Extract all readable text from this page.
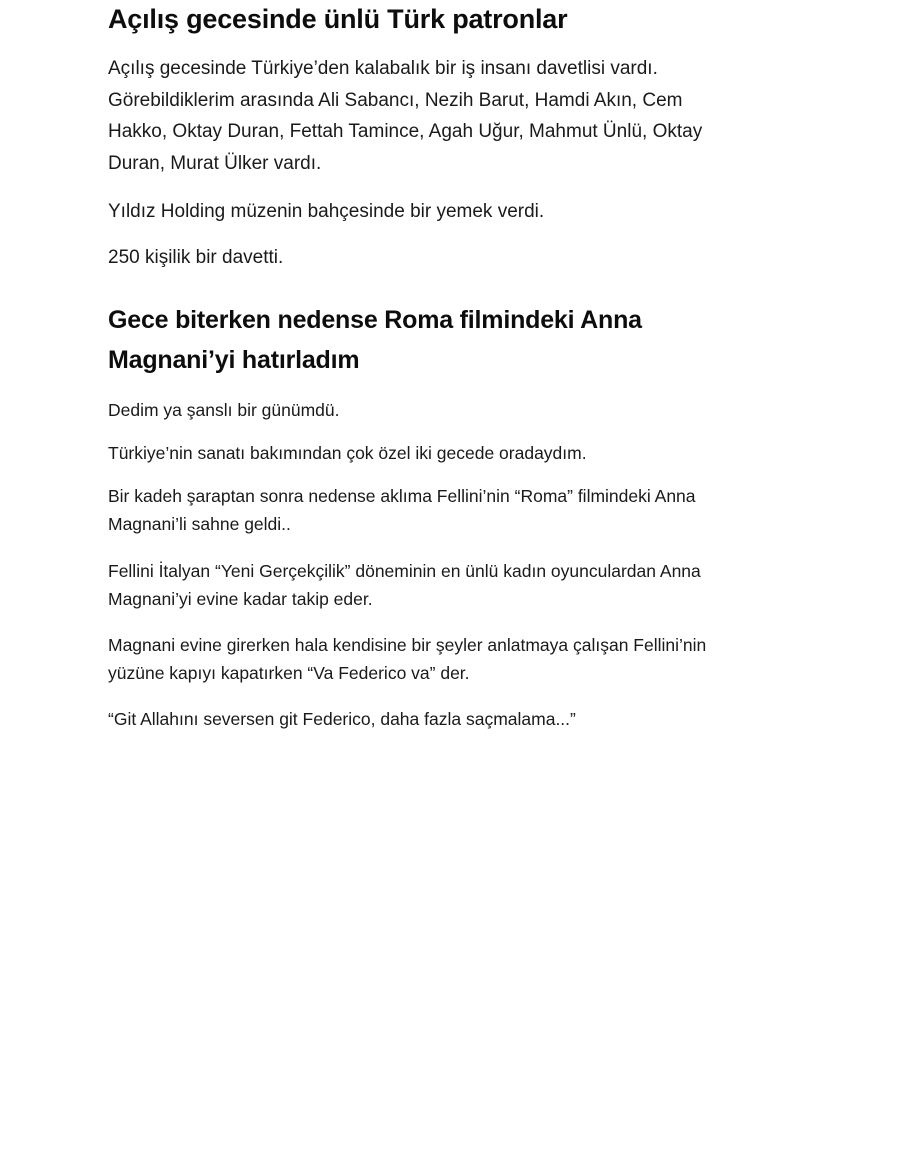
Açılış gecesinde ünlü Türk patronlar

Açılış gecesinde Türkiye’den kalabalık bir iş insanı davetlisi vardı. Görebildiklerim arasında Ali Sabancı, Nezih Barut, Hamdi Akın, Cem Hakko, Oktay Duran, Fettah Tamince, Agah Uğur, Mahmut Ünlü, Oktay Duran, Murat Ülker vardı.

Yıldız Holding müzenin bahçesinde bir yemek verdi.

250 kişilik bir davetti.

Gece biterken nedense Roma filmindeki Anna Magnani’yi hatırladım

Dedim ya şanslı bir günümdü.

Türkiye’nin sanatı bakımından çok özel iki gecede oradaydım.

Bir kadeh şaraptan sonra nedense aklıma Fellini’nin “Roma” filmindeki Anna Magnani’li sahne geldi..

Fellini İtalyan “Yeni Gerçekçilik” döneminin en ünlü kadın oyunculardan Anna Magnani’yi evine kadar takip eder.

Magnani evine girerken hala kendisine bir şeyler anlatmaya çalışan Fellini’nin yüzüne kapıyı kapatırken “Va Federico va” der.

“Git Allahını seversen git Federico, daha fazla saçmalama...”
